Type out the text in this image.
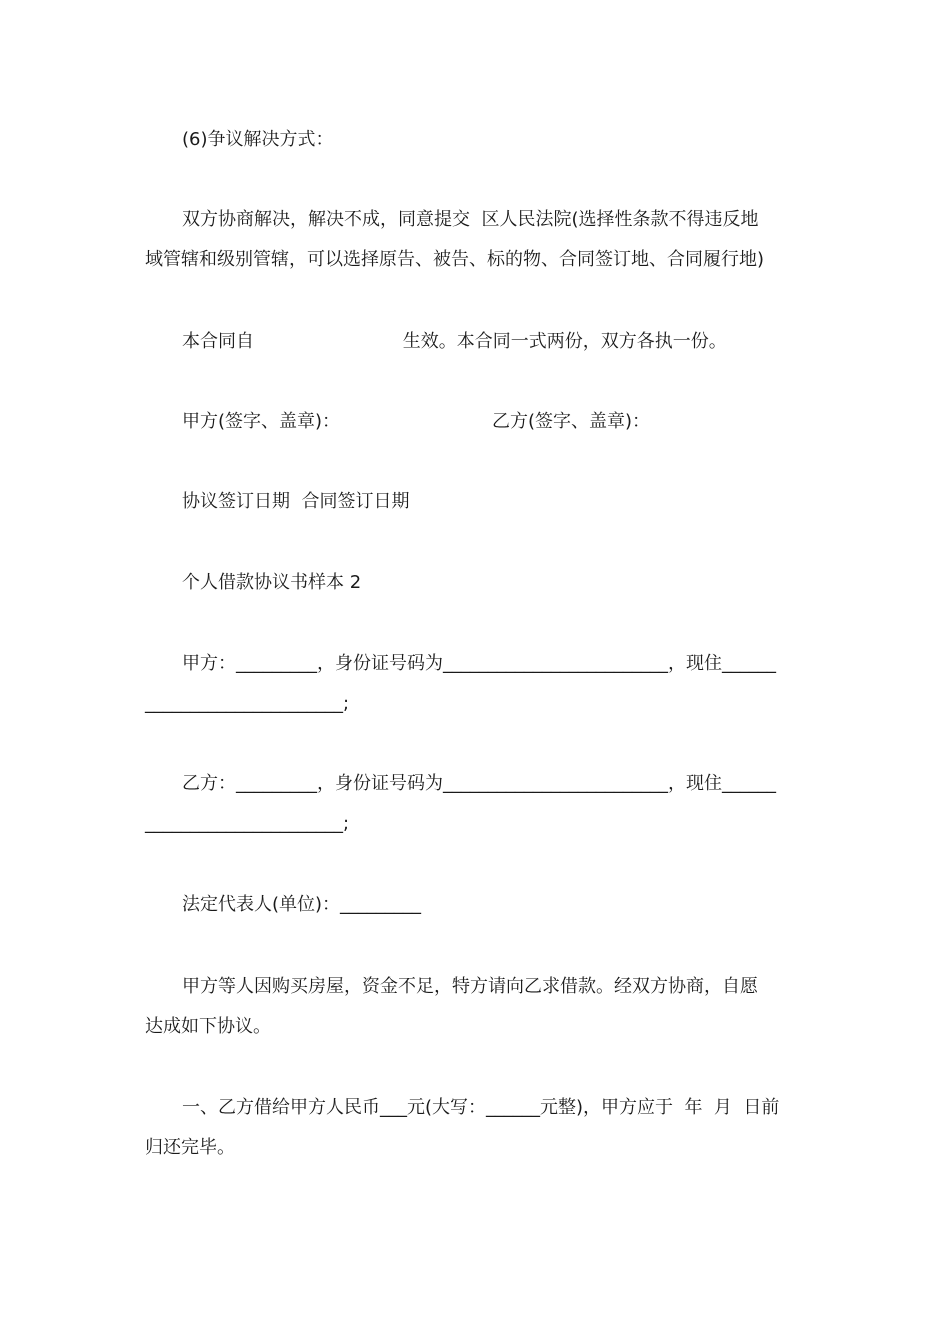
(6)争议解决方式：
双方协商解决，解决不成，同意提交  区人民法院(选择性条款不得违反地
域管辖和级别管辖，可以选择原告、被告、标的物、合同签订地、合同履行地)
本合同自                          生效。本合同一式两份，双方各执一份。
甲方(签字、盖章)：	乙方(签字、盖章)：
协议签订日期  合同签订日期
个人借款协议书样本 2
甲方：_________，身份证号码为_________________________，现住______
______________________;
乙方：_________，身份证号码为_________________________，现住______
______________________;
法定代表人(单位)：_________
甲方等人因购买房屋，资金不足，特方请向乙求借款。经双方协商，自愿
达成如下协议。
一、乙方借给甲方人民币___元(大写：______元整)，甲方应于  年  月  日前
归还完毕。
